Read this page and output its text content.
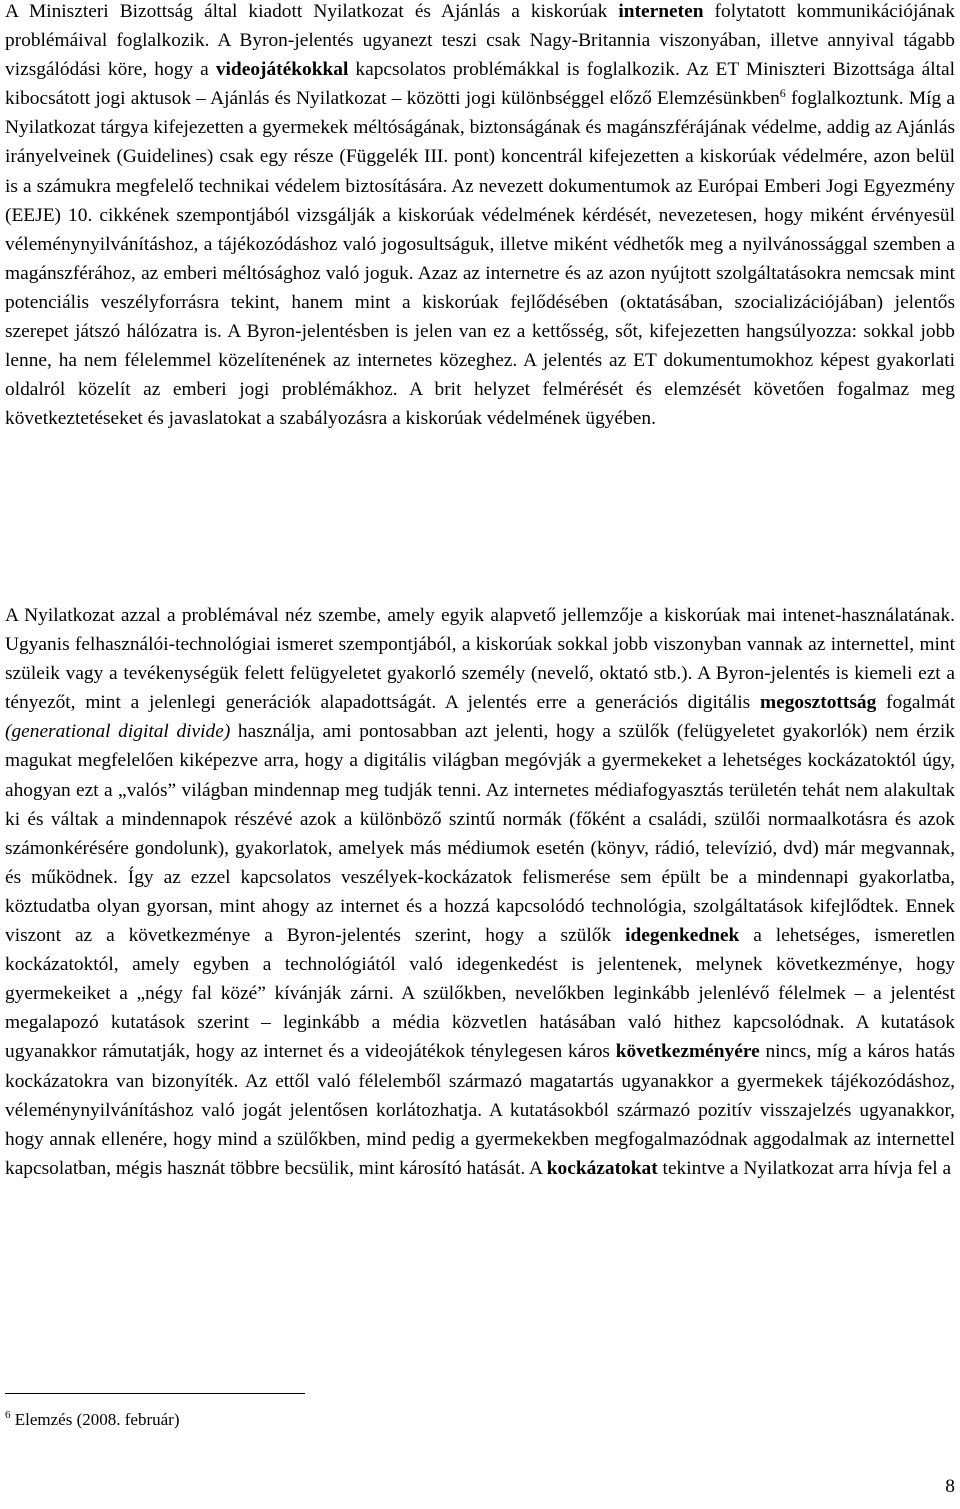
A Miniszteri Bizottság által kiadott Nyilatkozat és Ajánlás a kiskorúak interneten folytatott kommunikációjának problémáival foglalkozik. A Byron-jelentés ugyanezt teszi csak Nagy-Britannia viszonyában, illetve annyival tágabb vizsgálódási köre, hogy a videojátékokkal kapcsolatos problémákkal is foglalkozik. Az ET Miniszteri Bizottsága által kibocsátott jogi aktusok – Ajánlás és Nyilatkozat – közötti jogi különbséggel előző Elemzésünkben$^6$ foglalkoztunk. Míg a Nyilatkozat tárgya kifejezetten a gyermekek méltóságának, biztonságának és magánszférájának védelme, addig az Ajánlás irányelveinek (Guidelines) csak egy része (Függelék III. pont) koncentrál kifejezetten a kiskorúak védelmére, azon belül is a számukra megfelelő technikai védelem biztosítására. Az nevezett dokumentumok az Európai Emberi Jogi Egyezmény (EEJE) 10. cikkének szempontjából vizsgálják a kiskorúak védelmének kérdését, nevezetesen, hogy miként érvényesül véleménynyilvánításhoz, a tájékozódáshoz való jogosultságuk, illetve miként védhetők meg a nyilvánossággal szemben a magánszférához, az emberi méltósághoz való joguk. Azaz az internetre és az azon nyújtott szolgáltatásokra nemcsak mint potenciális veszélyforrásra tekint, hanem mint a kiskorúak fejlődésében (oktatásában, szocializációjában) jelentős szerepet játszó hálózatra is. A Byron-jelentésben is jelen van ez a kettősség, sőt, kifejezetten hangsúlyozza: sokkal jobb lenne, ha nem félelemmel közelítenének az internetes közeghez. A jelentés az ET dokumentumokhoz képest gyakorlati oldalról közelít az emberi jogi problémákhoz. A brit helyzet felmérését és elemzését követően fogalmaz meg következtetéseket és javaslatokat a szabályozásra a kiskorúak védelmének ügyében.

A Nyilatkozat azzal a problémával néz szembe, amely egyik alapvető jellemzője a kiskorúak mai intenet-használatának. Ugyanis felhasználói-technológiai ismeret szempontjából, a kiskorúak sokkal jobb viszonyban vannak az internettel, mint szüleik vagy a tevékenységük felett felügyeletet gyakorló személy (nevelő, oktató stb.). A Byron-jelentés is kiemeli ezt a tényezőt, mint a jelenlegi generációk alapadottságát. A jelentés erre a generációs digitális megosztottság fogalmát (generational digital divide) használja, ami pontosabban azt jelenti, hogy a szülők (felügyeletet gyakorlók) nem érzik magukat megfelelően kiképezve arra, hogy a digitális világban megóvják a gyermekeket a lehetséges kockázatoktól úgy, ahogyan ezt a „valós” világban mindennap meg tudják tenni. Az internetes médiafogyasztás területén tehát nem alakultak ki és váltak a mindennapok részévé azok a különböző szintű normák (főként a családi, szülői normaalkotásra és azok számonkérésére gondolunk), gyakorlatok, amelyek más médiumok esetén (könyv, rádió, televízió, dvd) már megvannak, és működnek. Így az ezzel kapcsolatos veszélyek-kockázatok felismerése sem épült be a mindennapi gyakorlatba, köztudatba olyan gyorsan, mint ahogy az internet és a hozzá kapcsolódó technológia, szolgáltatások kifejlődtek. Ennek viszont az a következménye a Byron-jelentés szerint, hogy a szülők idegenkednek a lehetséges, ismeretlen kockázatoktól, amely egyben a technológiától való idegenkedést is jelentenek, melynek következménye, hogy gyermekeiket a „négy fal közé” kívánják zárni. A szülőkben, nevelőkben leginkább jelenlévő félelmek – a jelentést megalapozó kutatások szerint – leginkább a média közvetlen hatásában való hithez kapcsolódnak. A kutatások ugyanakkor rámutatják, hogy az internet és a videojátékok ténylegesen káros következményére nincs, míg a káros hatás kockázatokra van bizonyíték. Az ettől való félelemből származó magatartás ugyanakkor a gyermekek tájékozódáshoz, véleménynyilvánításhoz való jogát jelentősen korlátozhatja. A kutatásokból származó pozitív visszajelzés ugyanakkor, hogy annak ellenére, hogy mind a szülőkben, mind pedig a gyermekekben megfogalmazódnak aggodalmak az internettel kapcsolatban, mégis hasznát többre becsülik, mint károsító hatását. A kockázatokat tekintve a Nyilatkozat arra hívja fel a

$^6$ Elemzés (2008. február)
8
